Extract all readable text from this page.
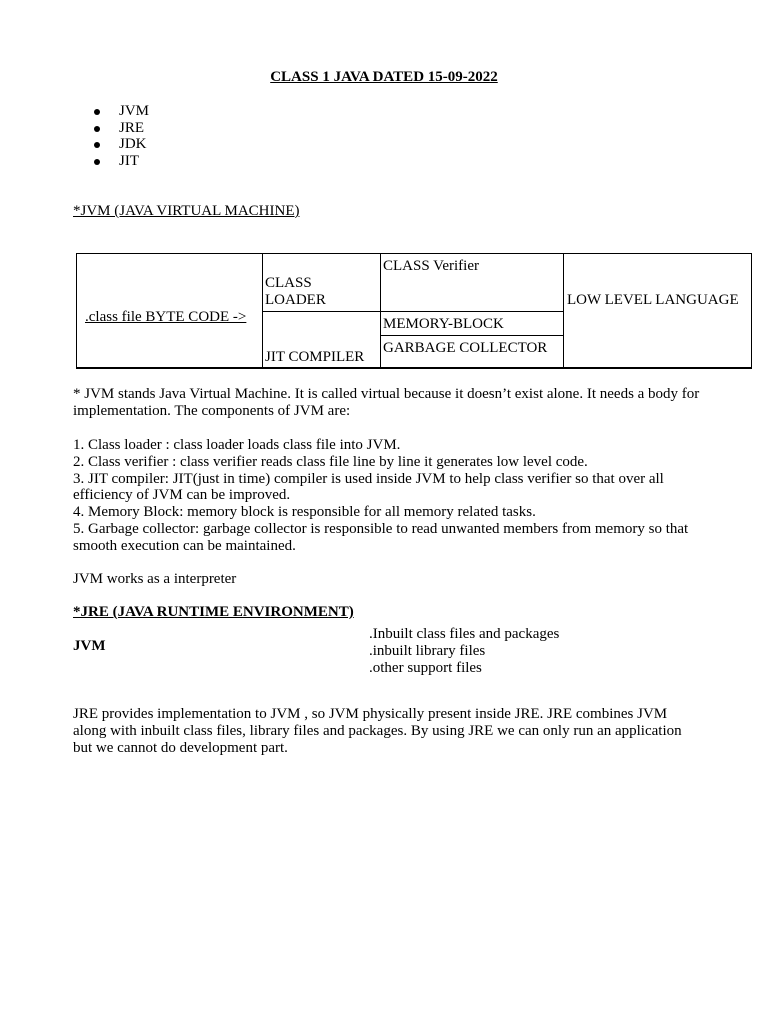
CLASS 1 JAVA DATED 15-09-2022
JVM
JRE
JDK
JIT
*JVM (JAVA VIRTUAL MACHINE)
.class file BYTE CODE ->
CLASS
LOADER
JIT COMPILER
CLASS Verifier
MEMORY-BLOCK
GARBAGE COLLECTOR
LOW LEVEL LANGUAGE

* JVM stands Java Virtual Machine. It is called virtual because it doesn’t exist alone. It needs a body for implementation. The components of JVM are:

1. Class loader : class loader loads class file into JVM.
2. Class verifier : class verifier reads class file line by line it generates low level code.
3. JIT compiler: JIT(just in time) compiler is used inside JVM to help class verifier so that over all efficiency of JVM can be improved.
4. Memory Block: memory block is responsible for all memory related tasks.
5. Garbage collector: garbage collector is responsible to read unwanted members from memory so that smooth execution can be maintained.

JVM works as a interpreter

*JRE (JAVA RUNTIME ENVIRONMENT)
JVM
.Inbuilt class files and packages
.inbuilt library files
.other support files

JRE provides implementation to JVM , so JVM physically present inside JRE. JRE combines JVM along with inbuilt class files, library files and packages. By using JRE we can only run an application but we cannot do development part.
